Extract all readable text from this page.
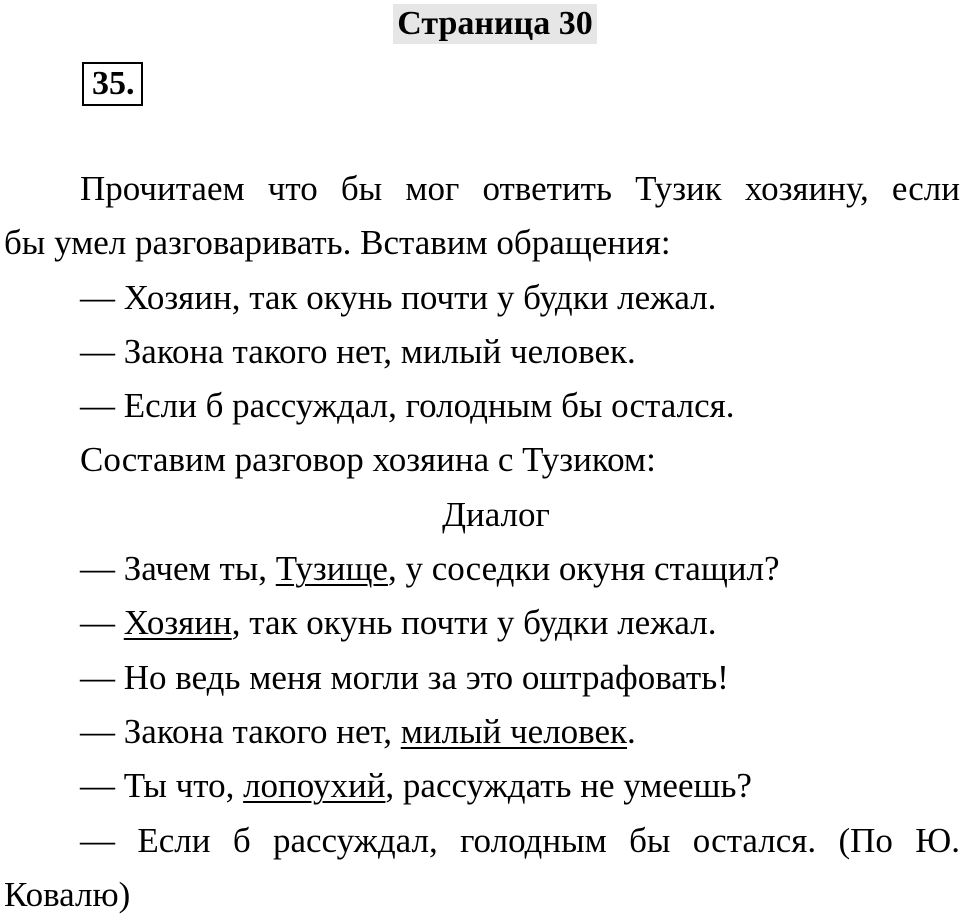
Страница 30
35.
Прочитаем что бы мог ответить Тузик хозяину, если
бы умел разговаривать. Вставим обращения:
— Хозяин, так окунь почти у будки лежал.
— Закона такого нет, милый человек.
— Если б рассуждал, голодным бы остался.
Составим разговор хозяина с Тузиком:
Диалог
— Зачем ты, Тузище, у соседки окуня стащил?
— Хозяин, так окунь почти у будки лежал.
— Но ведь меня могли за это оштрафовать!
— Закона такого нет, милый человек.
— Ты что, лопоухий, рассуждать не умеешь?
— Если б рассуждал, голодным бы остался. (По Ю.
Ковалю)
